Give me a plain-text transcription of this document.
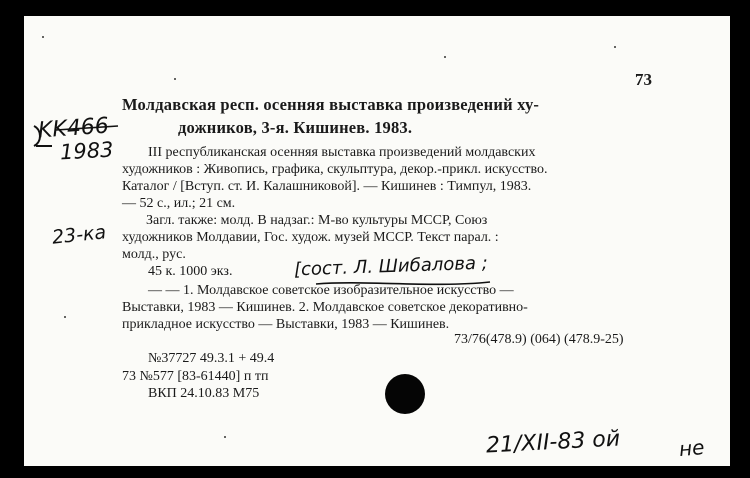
73
Молдавская респ. осенняя выставка произведений ху-
дожников, 3-я. Кишинев. 1983.
III республиканская осенняя выставка произведений молдавских
художников : Живопись, графика, скульптура, декор.-прикл. искусство.
Каталог / [Вступ. ст. И. Калашниковой]. — Кишинев : Тимпул, 1983.
— 52 с., ил.; 21 см.
Загл. также: молд. В надзаг.: М-во культуры МССР, Союз
художников Молдавии, Гос. худож. музей МССР. Текст парал. :
молд., рус.
45 к. 1000 экз.
— — 1. Молдавское советское изобразительное искусство —
Выставки, 1983 — Кишинев. 2. Молдавское советское декоративно-
прикладное искусство — Выставки, 1983 — Кишинев.
73/76(478.9) (064) (478.9-25)
№37727 49.3.1 + 49.4
73 №577 [83-61440] п тп
ВКП 24.10.83 М75
KK466
1983
23-ка
[сост. Л. Шибалова ;
21/XII-83 ой	не
